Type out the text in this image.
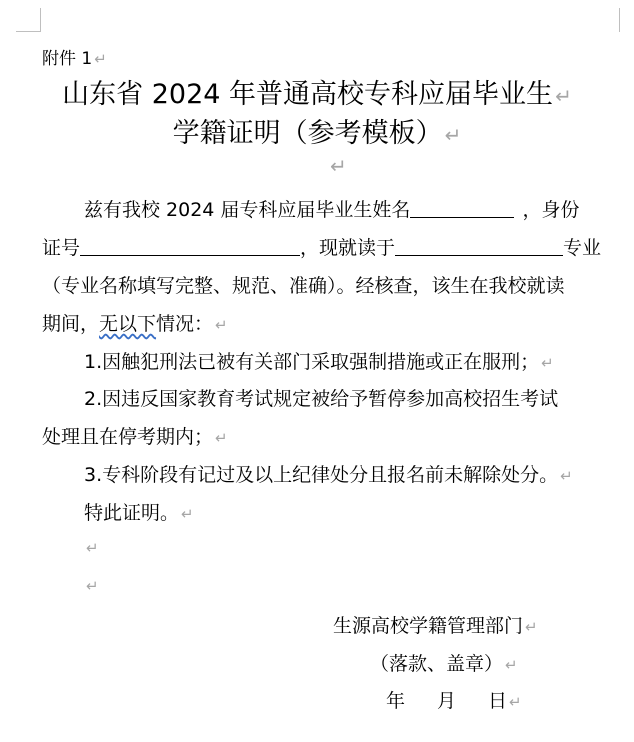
附件 1 ↵
山东省 2024 年普通高校专科应届毕业生 ↵
学籍证明（参考模板） ↵
↵
兹有我校 2024 届专科应届毕业生姓名	，身份
证号	，现就读于	专业
（专业名称填写完整、规范、准确）。经核查，该生在我校就读
期间，无以下情况： ↵
1.因触犯刑法已被有关部门采取强制措施或正在服刑； ↵
2.因违反国家教育考试规定被给予暂停参加高校招生考试
处理且在停考期内； ↵
3.专科阶段有记过及以上纪律处分且报名前未解除处分。 ↵
特此证明。 ↵
↵
↵
生源高校学籍管理部门 ↵
（落款、盖章） ↵
年 月 日 ↵
